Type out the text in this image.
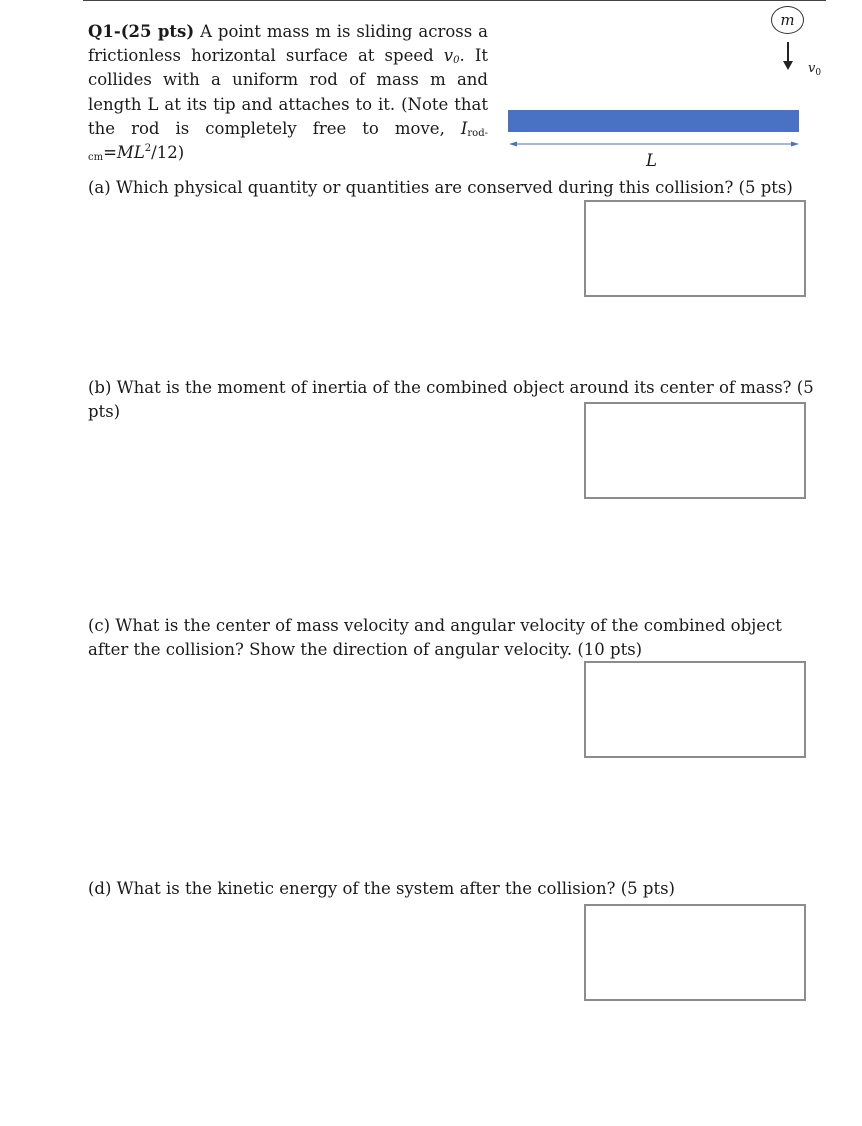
Q1-(25 pts) A point mass m is sliding across a frictionless horizontal surface at speed $v_0$. It collides with a uniform rod of mass m and length L at its tip and attaches to it. (Note that the rod is completely free to move, $I_{rod-cm}=ML^2/12$)

m
$v_0$
L

(a) Which physical quantity or quantities are conserved during this collision? (5 pts)

(b) What is the moment of inertia of the combined object around its center of mass? (5 pts)

(c) What is the center of mass velocity and angular velocity of the combined object after the collision? Show the direction of angular velocity. (10 pts)

(d) What is the kinetic energy of the system after the collision? (5 pts)
